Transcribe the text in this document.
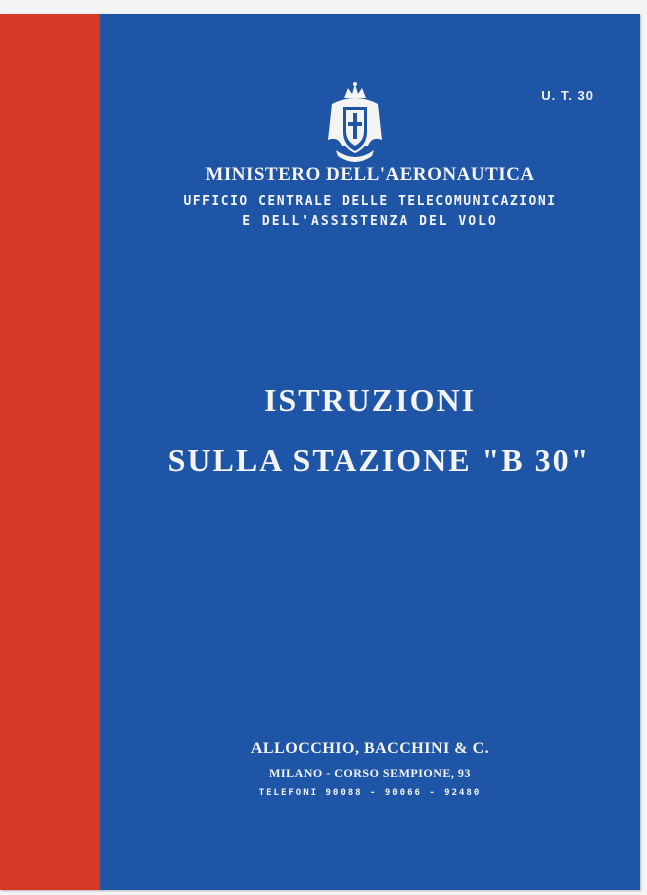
U. T. 30
MINISTERO DELL'AERONAUTICA
UFFICIO CENTRALE DELLE TELECOMUNICAZIONI
E DELL'ASSISTENZA DEL VOLO
ISTRUZIONI
SULLA STAZIONE "B 30"
ALLOCCHIO, BACCHINI & C.
MILANO - CORSO SEMPIONE, 93
TELEFONI 90088 - 90066 - 92480
